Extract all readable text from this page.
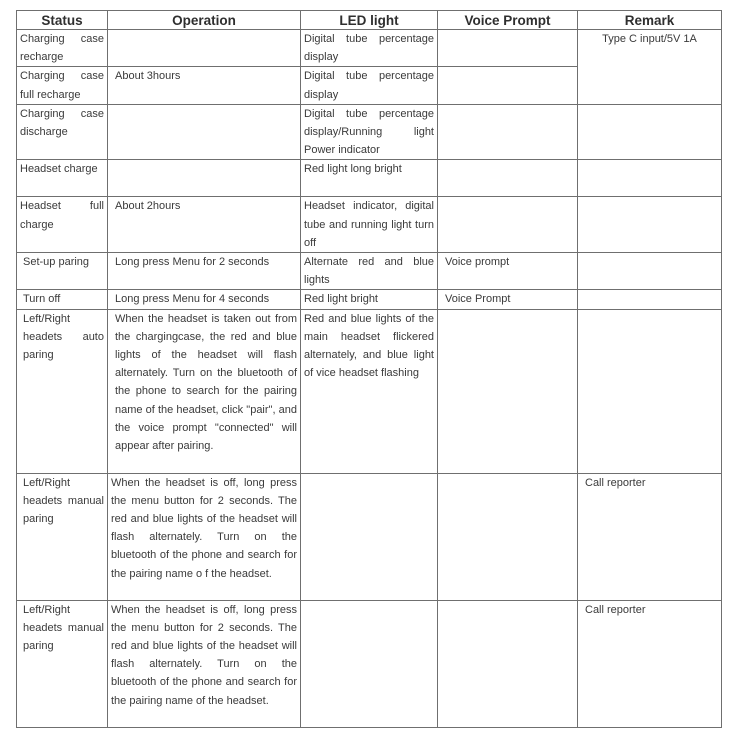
Status	Operation	LED light	Voice Prompt	Remark

Charging case recharge		Digital tube percentage display		Type C input/5V 1A

Charging case full recharge	About 3hours	Digital tube percentage display		

Charging case discharge		Digital tube percentage display/Running light Power indicator		

Headset charge		Red light long bright		

Headset full charge	About 2hours	Headset indicator, digital tube and running light turn off		

Set-up paring	Long press Menu for 2 seconds	Alternate red and blue lights	Voice prompt	

Turn off	Long press Menu for 4 seconds	Red light bright	Voice Prompt	

Left/Right headets auto paring	When the headset is taken out from the chargingcase, the red and blue lights of the headset will flash alternately. Turn on the bluetooth of the phone to search for the pairing name of the headset, click "pair", and the voice prompt "connected" will appear after pairing.	Red and blue lights of the main headset flickered alternately, and blue light of vice headset flashing		

Left/Right headets manual paring	When the headset is off, long press the menu button for 2 seconds. The red and blue lights of the headset will flash alternately. Turn on the bluetooth of the phone and search for the pairing name o f the headset.			Call reporter

Left/Right headets manual paring	When the headset is off, long press the menu button for 2 seconds. The red and blue lights of the headset will flash alternately. Turn on the bluetooth of the phone and search for the pairing name of the headset.			Call reporter
